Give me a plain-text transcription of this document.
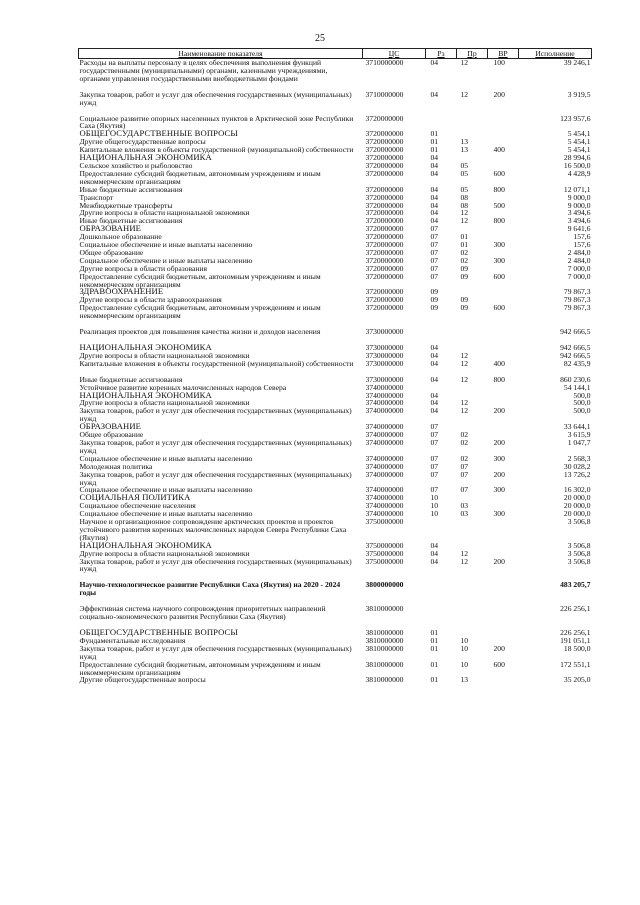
25
Наименование показателя	ЦС	Рз	Пр	ВР	Исполнение
Расходы на выплаты персоналу в целях обеспечения выполнения функций государственными (муниципальными) органами, казенными учреждениями, органами управления государственными внебюджетными фондами	3710000000	04	12	100	39 246,1
Закупка товаров, работ и услуг для обеспечения государственных (муниципальных) нужд	3710000000	04	12	200	3 919,5
Социальное развитие опорных населенных пунктов в Арктической зоне Республики Саха (Якутия)	3720000000				123 957,6
ОБЩЕГОСУДАРСТВЕННЫЕ ВОПРОСЫ	3720000000	01			5 454,1
Другие общегосударственные вопросы	3720000000	01	13		5 454,1
Капитальные вложения в объекты государственной (муниципальной) собственности	3720000000	01	13	400	5 454,1
НАЦИОНАЛЬНАЯ ЭКОНОМИКА	3720000000	04			28 994,6
Сельское хозяйство и рыболовство	3720000000	04	05		16 500,0
Предоставление субсидий бюджетным, автономным учреждениям и иным некоммерческим организациям	3720000000	04	05	600	4 428,9
Иные бюджетные ассигнования	3720000000	04	05	800	12 071,1
Транспорт	3720000000	04	08		9 000,0
Межбюджетные трансферты	3720000000	04	08	500	9 000,0
Другие вопросы в области национальной экономики	3720000000	04	12		3 494,6
Иные бюджетные ассигнования	3720000000	04	12	800	3 494,6
ОБРАЗОВАНИЕ	3720000000	07			9 641,6
Дошкольное образование	3720000000	07	01		157,6
Социальное обеспечение и иные выплаты населению	3720000000	07	01	300	157,6
Общее образование	3720000000	07	02		2 484,0
Социальное обеспечение и иные выплаты населению	3720000000	07	02	300	2 484,0
Другие вопросы в области образования	3720000000	07	09		7 000,0
Предоставление субсидий бюджетным, автономным учреждениям и иным некоммерческим организациям	3720000000	07	09	600	7 000,0
ЗДРАВООХРАНЕНИЕ	3720000000	09			79 867,3
Другие вопросы в области здравоохранения	3720000000	09	09		79 867,3
Предоставление субсидий бюджетным, автономным учреждениям и иным некоммерческим организациям	3720000000	09	09	600	79 867,3
Реализация проектов для повышения качества жизни и доходов населения	3730000000				942 666,5
НАЦИОНАЛЬНАЯ ЭКОНОМИКА	3730000000	04			942 666,5
Другие вопросы в области национальной экономики	3730000000	04	12		942 666,5
Капитальные вложения в объекты государственной (муниципальной) собственности	3730000000	04	12	400	82 435,9
Иные бюджетные ассигнования	3730000000	04	12	800	860 230,6
Устойчивое развитие коренных малочисленных народов Севера	3740000000				54 144,1
НАЦИОНАЛЬНАЯ ЭКОНОМИКА	3740000000	04			500,0
Другие вопросы в области национальной экономики	3740000000	04	12		500,0
Закупка товаров, работ и услуг для обеспечения государственных (муниципальных) нужд	3740000000	04	12	200	500,0
ОБРАЗОВАНИЕ	3740000000	07			33 644,1
Общее образование	3740000000	07	02		3 615,9
Закупка товаров, работ и услуг для обеспечения государственных (муниципальных) нужд	3740000000	07	02	200	1 047,7
Социальное обеспечение и иные выплаты населению	3740000000	07	02	300	2 568,3
Молодежная политика	3740000000	07	07		30 028,2
Закупка товаров, работ и услуг для обеспечения государственных (муниципальных) нужд	3740000000	07	07	200	13 726,2
Социальное обеспечение и иные выплаты населению	3740000000	07	07	300	16 302,0
СОЦИАЛЬНАЯ ПОЛИТИКА	3740000000	10			20 000,0
Социальное обеспечение населения	3740000000	10	03		20 000,0
Социальное обеспечение и иные выплаты населению	3740000000	10	03	300	20 000,0
Научное и организационное сопровождение арктических проектов и проектов устойчивого развития коренных малочисленных народов Севера Республики Саха (Якутия)	3750000000				3 506,8
НАЦИОНАЛЬНАЯ ЭКОНОМИКА	3750000000	04			3 506,8
Другие вопросы в области национальной экономики	3750000000	04	12		3 506,8
Закупка товаров, работ и услуг для обеспечения государственных (муниципальных) нужд	3750000000	04	12	200	3 506,8
Научно-технологическое развитие Республики Саха (Якутия) на 2020 - 2024 годы	3800000000				483 205,7
Эффективная система научного сопровождения приоритетных направлений социально-экономического развития Республики Саха (Якутия)	3810000000				226 256,1
ОБЩЕГОСУДАРСТВЕННЫЕ ВОПРОСЫ	3810000000	01			226 256,1
Фундаментальные исследования	3810000000	01	10		191 051,1
Закупка товаров, работ и услуг для обеспечения государственных (муниципальных) нужд	3810000000	01	10	200	18 500,0
Предоставление субсидий бюджетным, автономным учреждениям и иным некоммерческим организациям	3810000000	01	10	600	172 551,1
Другие общегосударственные вопросы	3810000000	01	13		35 205,0
